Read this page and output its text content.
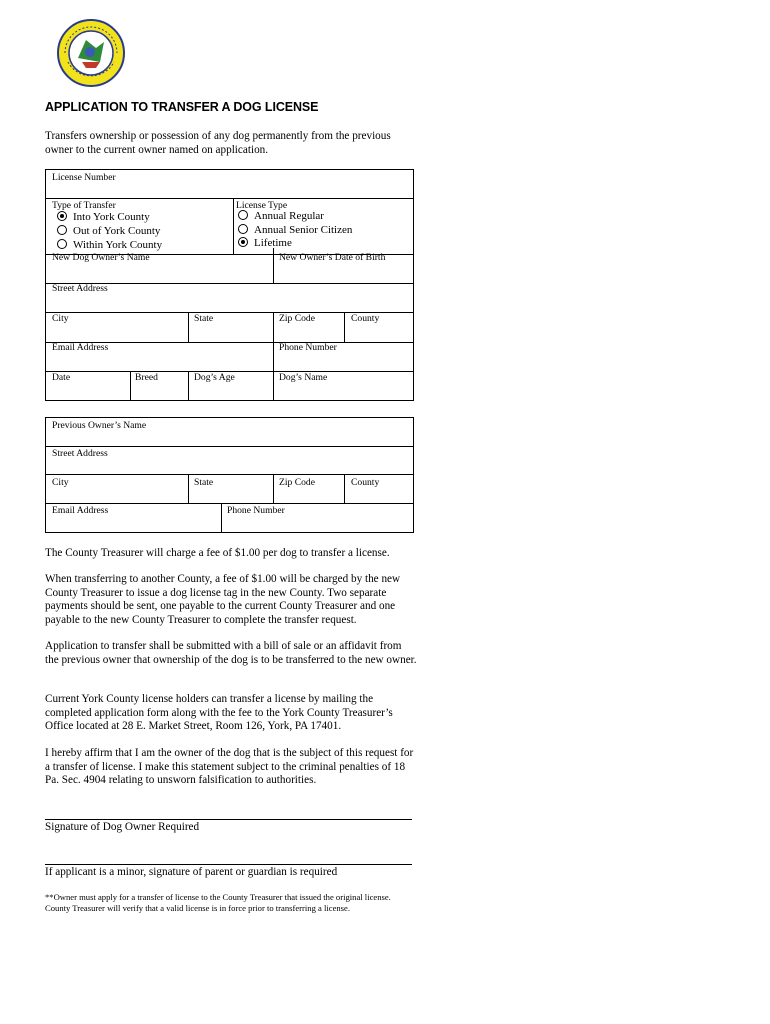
APPLICATION TO TRANSFER A DOG LICENSE
Transfers ownership or possession of any dog permanently from the previous owner to the current owner named on application.
License Number
Type of Transfer
Into York County
Out of York County
Within York County
License Type
Annual Regular
Annual Senior Citizen
Lifetime
New Dog Owner’s Name	New Owner’s Date of Birth
Street Address
City	State	Zip Code	County
Email Address	Phone Number
Date	Breed	Dog’s Age	Dog’s Name
Previous Owner’s Name
Street Address
City	State	Zip Code	County
Email Address	Phone Number
The County Treasurer will charge a fee of $1.00 per dog to transfer a license.
When transferring to another County, a fee of $1.00 will be charged by the new County Treasurer to issue a dog license tag in the new County. Two separate payments should be sent, one payable to the current County Treasurer and one payable to the new County Treasurer to complete the transfer request.
Application to transfer shall be submitted with a bill of sale or an affidavit from the previous owner that ownership of the dog is to be transferred to the new owner.
Current York County license holders can transfer a license by mailing the completed application form along with the fee to the York County Treasurer’s Office located at 28 E. Market Street, Room 126, York, PA 17401.
I hereby affirm that I am the owner of the dog that is the subject of this request for a transfer of license. I make this statement subject to the criminal penalties of 18 Pa. Sec. 4904 relating to unsworn falsification to authorities.
Signature of Dog Owner Required
If applicant is a minor, signature of parent or guardian is required
**Owner must apply for a transfer of license to the County Treasurer that issued the original license. County Treasurer will verify that a valid license is in force prior to transferring a license.
